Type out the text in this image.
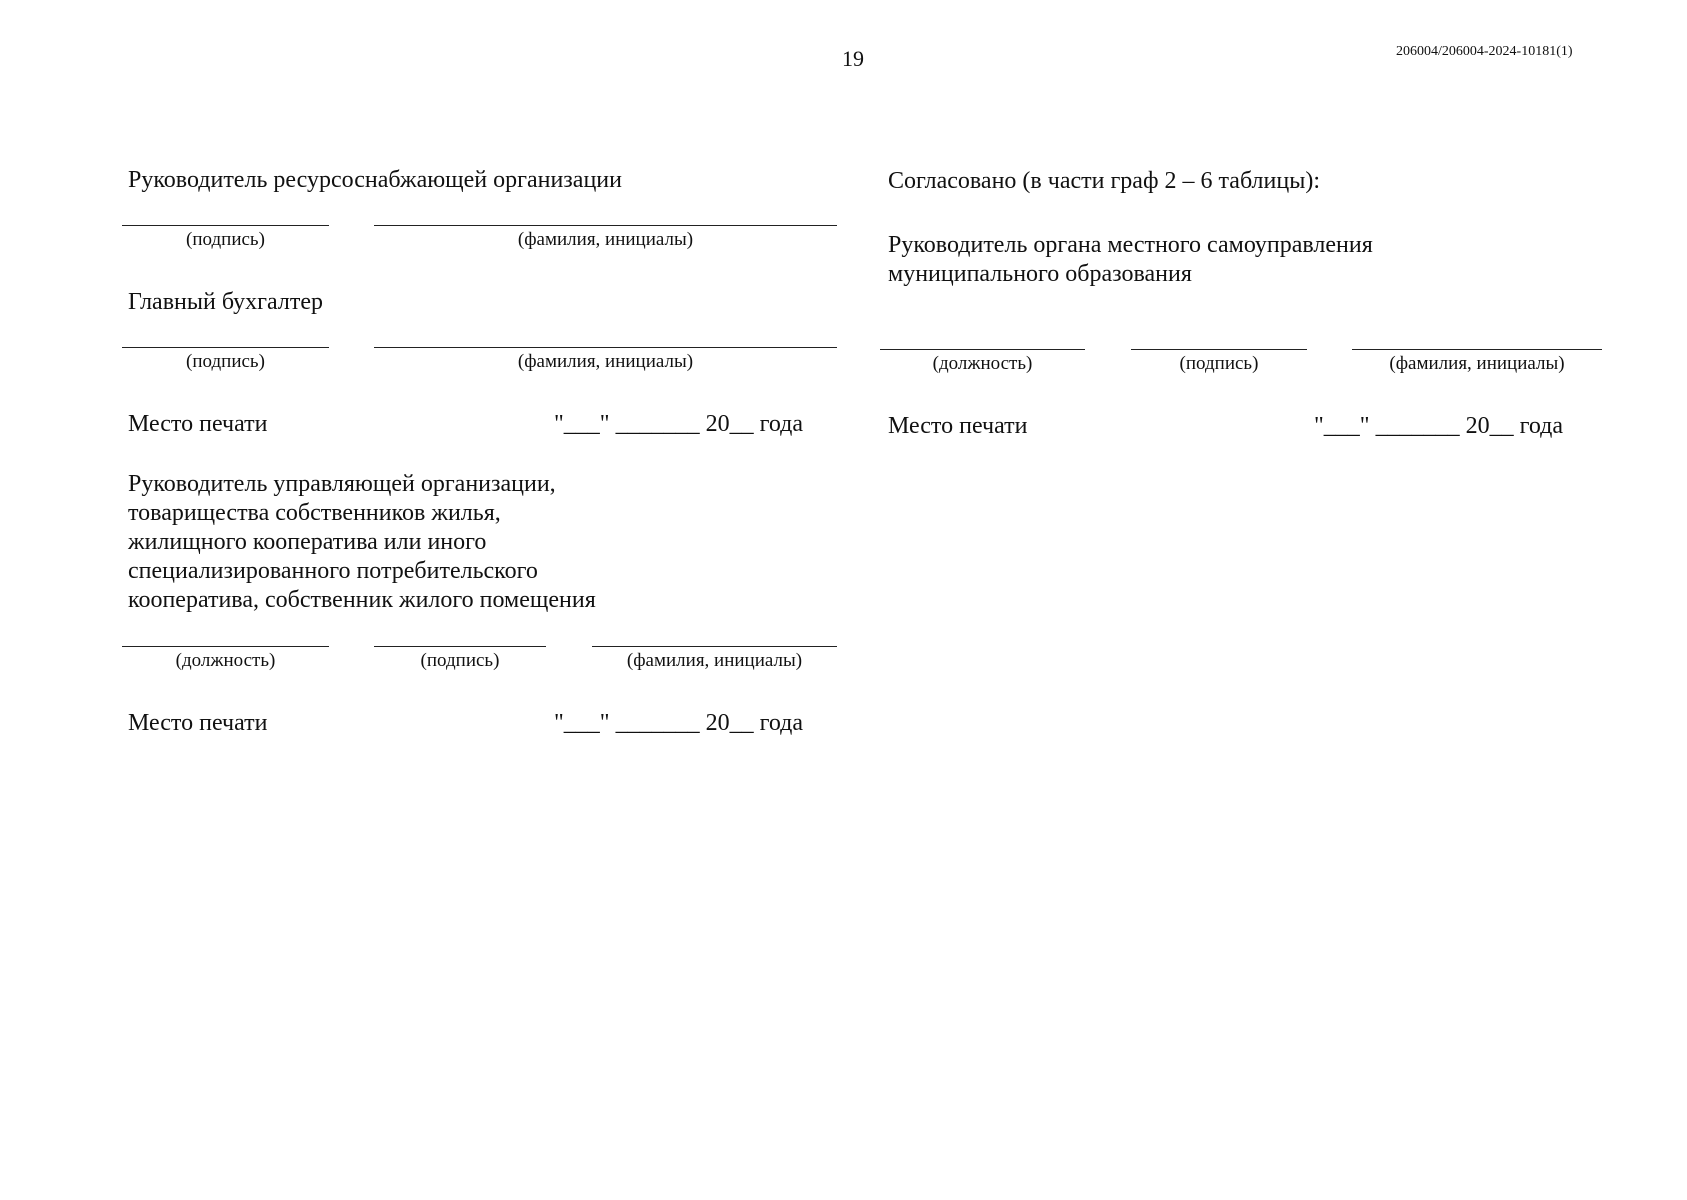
19	206004/206004-2024-10181(1)
Руководитель ресурсоснабжающей организации
(подпись)	(фамилия, инициалы)
Главный бухгалтер
(подпись)	(фамилия, инициалы)
Место печати	"___" _______ 20__ года
Руководитель управляющей организации,
товарищества собственников жилья,
жилищного кооператива или иного
специализированного потребительского
кооператива, собственник жилого помещения
(должность)	(подпись)	(фамилия, инициалы)
Место печати	"___" _______ 20__ года
Согласовано (в части граф 2 – 6 таблицы):
Руководитель органа местного самоуправления
муниципального образования
(должность)	(подпись)	(фамилия, инициалы)
Место печати	"___" _______ 20__ года
